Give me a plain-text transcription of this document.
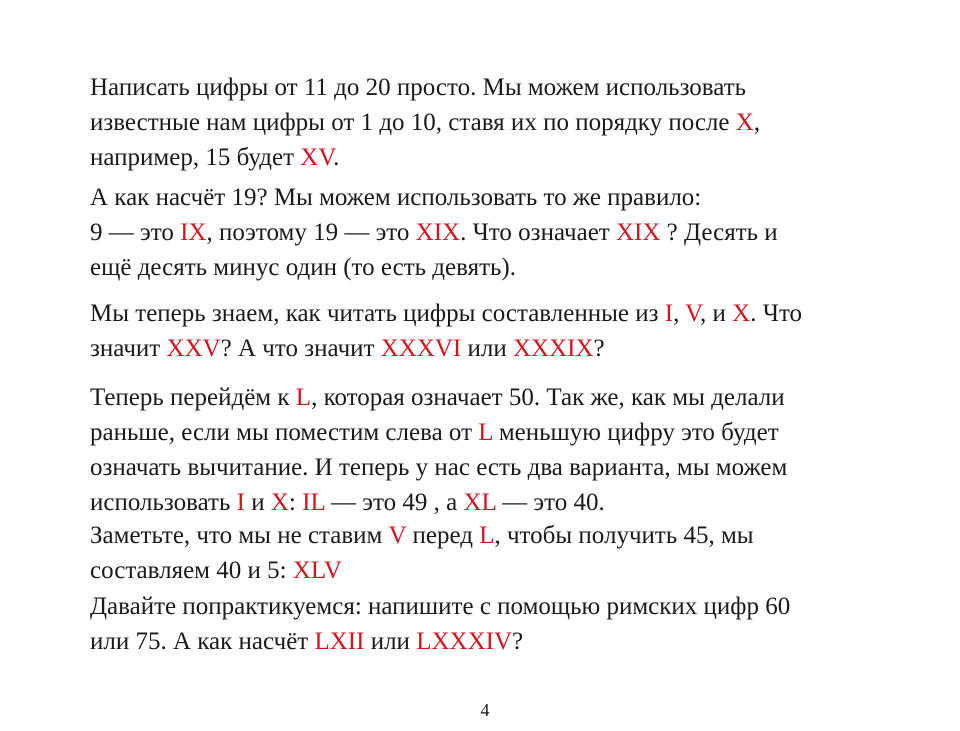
Написать цифры от 11 до 20 просто. Мы можем использовать
известные нам цифры от 1 до 10, ставя их по порядку после X,
например, 15 будет XV.

А как насчёт 19? Мы можем использовать то же правило:
9 — это IX, поэтому 19 — это XIX. Что означает XIX ? Десять и
ещё десять минус один (то есть девять).

Мы теперь знаем, как читать цифры составленные из I, V, и X. Что
значит XXV? А что значит XXXVI или XXXIX?

Теперь перейдём к L, которая означает 50. Так же, как мы делали
раньше, если мы поместим слева от L меньшую цифру это будет
означать вычитание. И теперь у нас есть два варианта, мы можем
использовать I и X: IL — это 49 , а XL — это 40.

Заметьте, что мы не ставим V перед L, чтобы получить 45, мы
составляем 40 и 5: XLV

Давайте попрактикуемся: напишите с помощью римских цифр 60
или 75. А как насчёт LXII или LXXXIV?

4
